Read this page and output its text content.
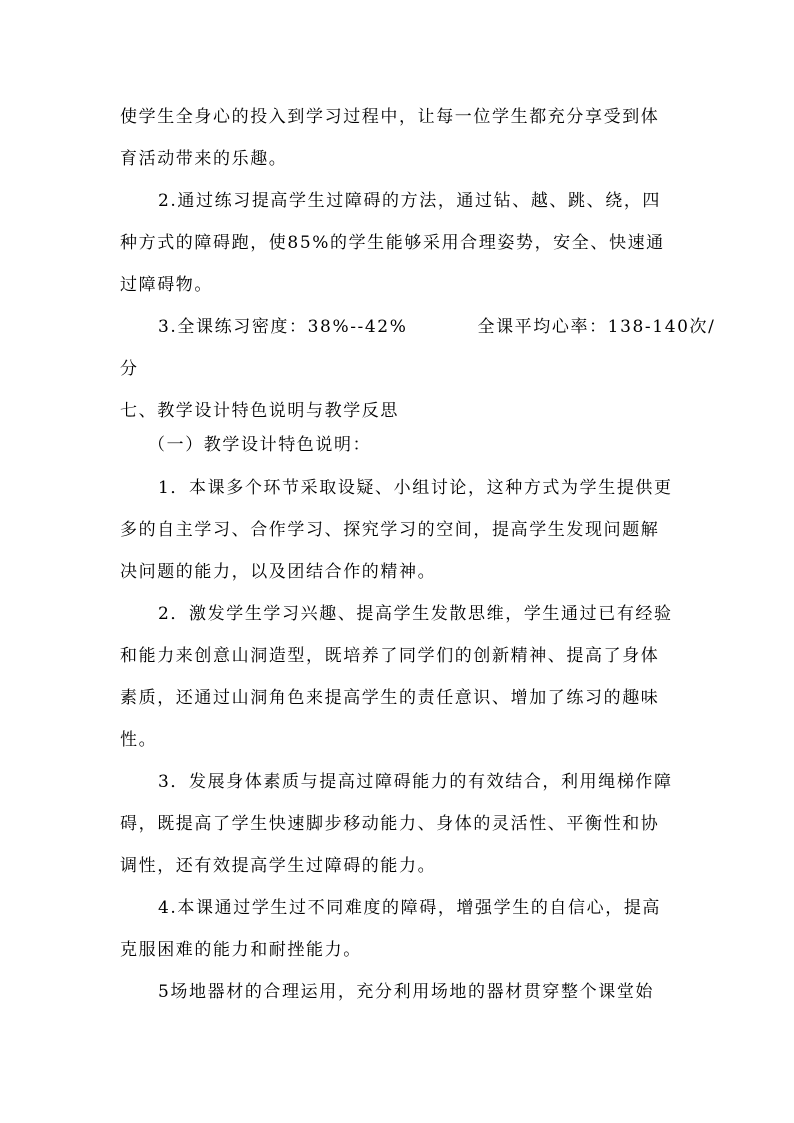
使学生全身心的投入到学习过程中，让每一位学生都充分享受到体
育活动带来的乐趣。
2.通过练习提高学生过障碍的方法，通过钻、越、跳、绕，四
种方式的障碍跑，使85%的学生能够采用合理姿势，安全、快速通
过障碍物。
3.全课练习密度：38%--42%	全课平均心率：138-140次/
分
七、教学设计特色说明与教学反思
（一）教学设计特色说明：
1．本课多个环节采取设疑、小组讨论，这种方式为学生提供更
多的自主学习、合作学习、探究学习的空间，提高学生发现问题解
决问题的能力，以及团结合作的精神。
2．激发学生学习兴趣、提高学生发散思维，学生通过已有经验
和能力来创意山洞造型，既培养了同学们的创新精神、提高了身体
素质，还通过山洞角色来提高学生的责任意识、增加了练习的趣味
性。
3．发展身体素质与提高过障碍能力的有效结合，利用绳梯作障
碍，既提高了学生快速脚步移动能力、身体的灵活性、平衡性和协
调性，还有效提高学生过障碍的能力。
4.本课通过学生过不同难度的障碍，增强学生的自信心，提高
克服困难的能力和耐挫能力。
5场地器材的合理运用，充分利用场地的器材贯穿整个课堂始
